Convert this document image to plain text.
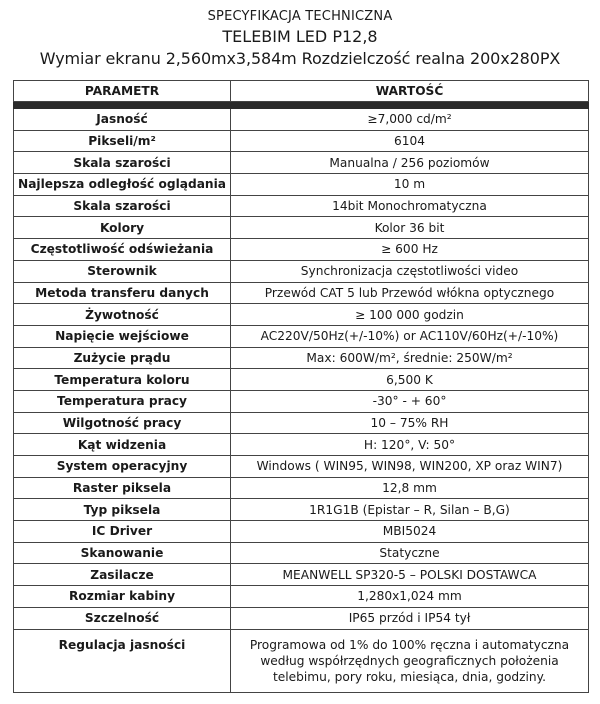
SPECYFIKACJA TECHNICZNA
TELEBIM LED P12,8
Wymiar ekranu 2,560mx3,584m Rozdzielczość realna 200x280PX
PARAMETR	WARTOŚĆ

Jasność	≥7,000 cd/m²
Pikseli/m²	6104
Skala szarości	Manualna / 256 poziomów
Najlepsza odległość oglądania	10 m
Skala szarości	14bit Monochromatyczna
Kolory	Kolor 36 bit
Częstotliwość odświeżania	≥ 600 Hz
Sterownik	Synchronizacja częstotliwości video
Metoda transferu danych	Przewód CAT 5 lub Przewód włókna optycznego
Żywotność	≥ 100 000 godzin
Napięcie wejściowe	AC220V/50Hz(+/-10%) or AC110V/60Hz(+/-10%)
Zużycie prądu	Max: 600W/m², średnie: 250W/m²
Temperatura koloru	6,500 K
Temperatura pracy	-30° - + 60°
Wilgotność pracy	10 – 75% RH
Kąt widzenia	H: 120°, V: 50°
System operacyjny	Windows ( WIN95, WIN98, WIN200, XP oraz WIN7)
Raster piksela	12,8 mm
Typ piksela	1R1G1B (Epistar – R, Silan – B,G)
IC Driver	MBI5024
Skanowanie	Statyczne
Zasilacze	MEANWELL SP320-5 – POLSKI DOSTAWCA
Rozmiar kabiny	1,280x1,024 mm
Szczelność	IP65 przód i IP54 tył
Regulacja jasności	Programowa od 1% do 100% ręczna i automatyczna według współrzędnych geograficznych położenia telebimu, pory roku, miesiąca, dnia, godziny.
